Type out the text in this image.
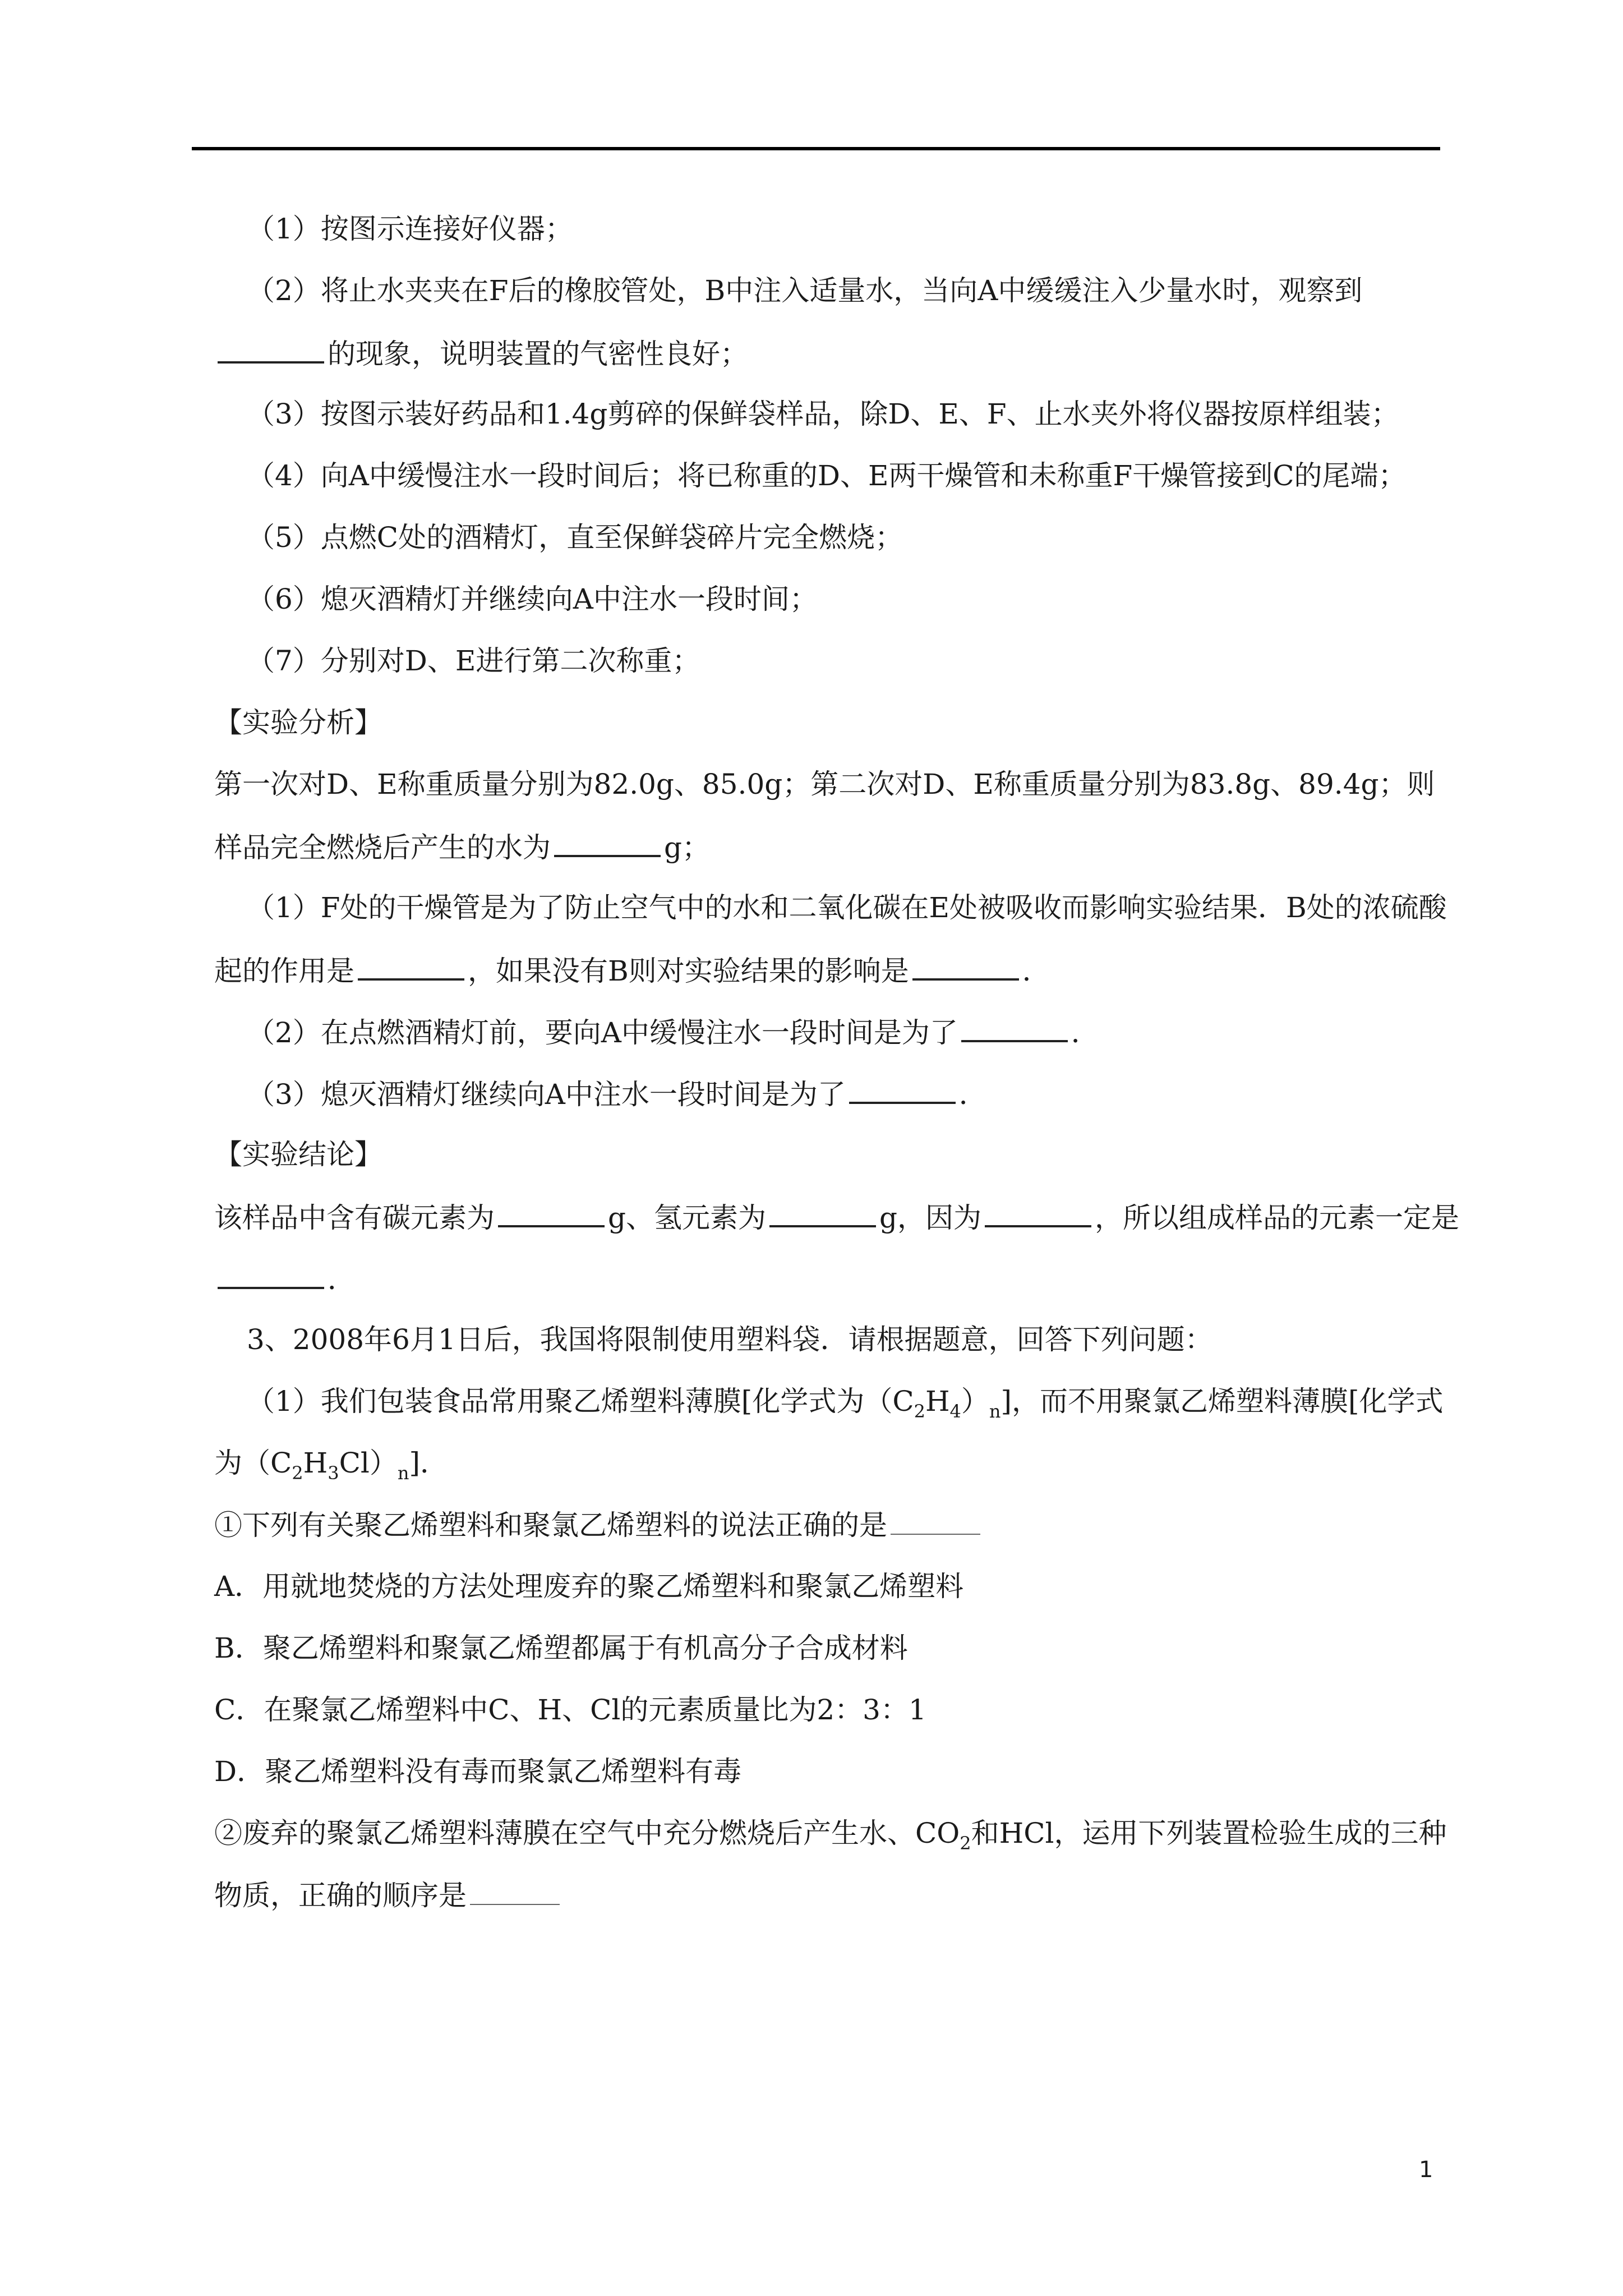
（1）按图示连接好仪器；
（2）将止水夹夹在F后的橡胶管处，B中注入适量水，当向A中缓缓注入少量水时，观察到
的现象，说明装置的气密性良好；
（3）按图示装好药品和1.4g剪碎的保鲜袋样品，除D、E、F、止水夹外将仪器按原样组装；
（4）向A中缓慢注水一段时间后；将已称重的D、E两干燥管和未称重F干燥管接到C的尾端；
（5）点燃C处的酒精灯，直至保鲜袋碎片完全燃烧；
（6）熄灭酒精灯并继续向A中注水一段时间；
（7）分别对D、E进行第二次称重；
【实验分析】
第一次对D、E称重质量分别为82.0g、85.0g；第二次对D、E称重质量分别为83.8g、89.4g；则
样品完全燃烧后产生的水为	g；
（1）F处的干燥管是为了防止空气中的水和二氧化碳在E处被吸收而影响实验结果．B处的浓硫酸
起的作用是	，如果没有B则对实验结果的影响是	．
（2）在点燃酒精灯前，要向A中缓慢注水一段时间是为了	．
（3）熄灭酒精灯继续向A中注水一段时间是为了	．
【实验结论】
该样品中含有碳元素为	g、氢元素为	g，因为	，所以组成样品的元素一定是
．
3、2008年6月1日后，我国将限制使用塑料袋．请根据题意，回答下列问题：
（1）我们包装食品常用聚乙烯塑料薄膜[化学式为$(C_2H_4)_n$]，而不用聚氯乙烯塑料薄膜[化学式
为$(C_2H_3Cl)_n$]．
①下列有关聚乙烯塑料和聚氯乙烯塑料的说法正确的是
A．用就地焚烧的方法处理废弃的聚乙烯塑料和聚氯乙烯塑料
B．聚乙烯塑料和聚氯乙烯塑都属于有机高分子合成材料
C．在聚氯乙烯塑料中C、H、Cl的元素质量比为2：3：1
D．聚乙烯塑料没有毒而聚氯乙烯塑料有毒
②废弃的聚氯乙烯塑料薄膜在空气中充分燃烧后产生水、$CO_2$和HCl，运用下列装置检验生成的三种
物质，正确的顺序是
1
